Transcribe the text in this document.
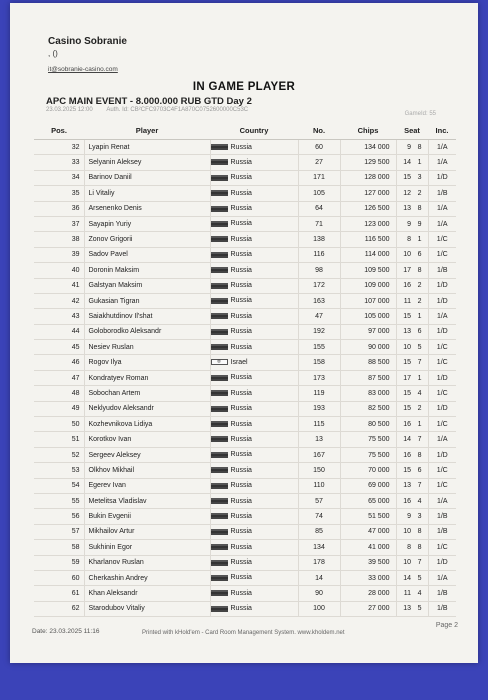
Casino Sobranie
, ()
it@sobranie-casino.com
IN GAME PLAYER
APC MAIN EVENT - 8.000.000 RUB GTD Day 2
23.03.2025 12:00 Auth. Id: CB²CFC9703C4F1A870C0752600000C53C
GameId: 55
Pos.	Player	Country	No.	Chips	Seat		Inc.
32	Lyapin Renat	Russia	60	134 000	9	8	1/A
33	Selyanin Aleksey	Russia	27	129 500	14	1	1/A
34	Barinov Daniil	Russia	171	128 000	15	3	1/D
35	Li Vitaliy	Russia	105	127 000	12	2	1/B
36	Arsenenko Denis	Russia	64	126 500	13	8	1/A
37	Sayapin Yuriy	Russia	71	123 000	9	9	1/A
38	Zonov Grigorii	Russia	138	116 500	8	1	1/C
39	Sadov Pavel	Russia	116	114 000	10	6	1/C
40	Doronin Maksim	Russia	98	109 500	17	8	1/B
41	Galstyan Maksim	Russia	172	109 000	16	2	1/D
42	Gukasian Tigran	Russia	163	107 000	11	2	1/D
43	Saiakhutdinov Il'shat	Russia	47	105 000	15	1	1/A
44	Goloborodko Aleksandr	Russia	192	97 000	13	6	1/D
45	Nesiev Ruslan	Russia	155	90 000	10	5	1/C
46	Rogov Ilya	✡ Israel	158	88 500	15	7	1/C
47	Kondratyev Roman	Russia	173	87 500	17	1	1/D
48	Sobochan Artem	Russia	119	83 000	15	4	1/C
49	Neklyudov Aleksandr	Russia	193	82 500	15	2	1/D
50	Kozhevnikova Lidiya	Russia	115	80 500	16	1	1/C
51	Korotkov Ivan	Russia	13	75 500	14	7	1/A
52	Sergeev Aleksey	Russia	167	75 500	16	8	1/D
53	Olkhov Mikhail	Russia	150	70 000	15	6	1/C
54	Egerev Ivan	Russia	110	69 000	13	7	1/C
55	Metelitsa Vladislav	Russia	57	65 000	16	4	1/A
56	Bukin Evgenii	Russia	74	51 500	9	3	1/B
57	Mikhailov Artur	Russia	85	47 000	10	8	1/B
58	Sukhinin Egor	Russia	134	41 000	8	8	1/C
59	Kharlanov Ruslan	Russia	178	39 500	10	7	1/D
60	Cherkashin Andrey	Russia	14	33 000	14	5	1/A
61	Khan Aleksandr	Russia	90	28 000	11	4	1/B
62	Starodubov Vitaliy	Russia	100	27 000	13	5	1/B
Date: 23.03.2025 11:16	Printed with kHold'em - Card Room Management System. www.kholdem.net
Page 2
